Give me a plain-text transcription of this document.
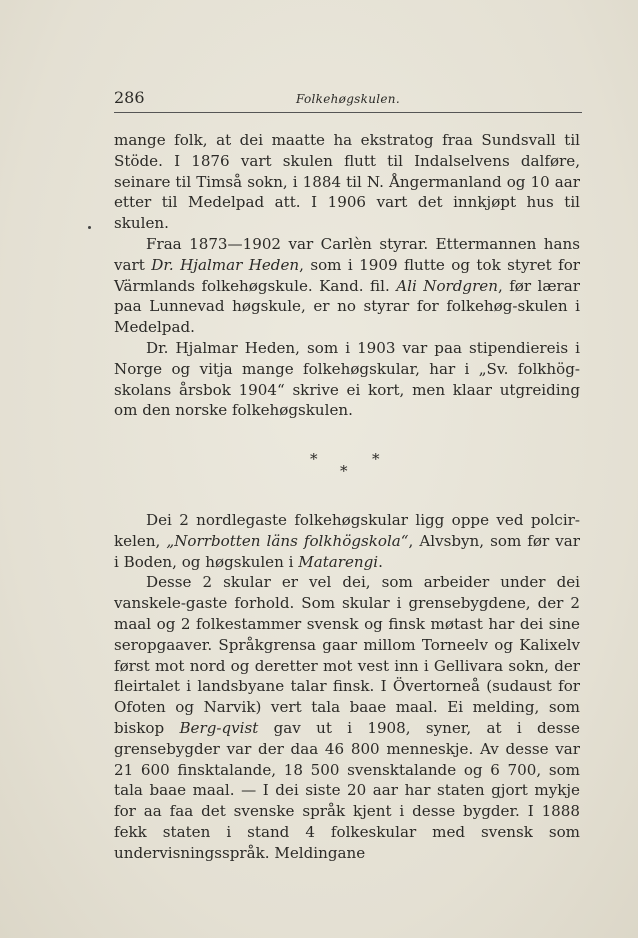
286	Folkehøgskulen.

mange folk, at dei maatte ha ekstratog fraa Sundsvall til Stöde. I 1876 vart skulen flutt til Indalselvens dalføre, seinare til Timså sokn, i 1884 til N. Ångermanland og 10 aar etter til Medelpad att. I 1906 vart det innkjøpt hus til skulen.

Fraa 1873—1902 var Carlèn styrar. Ettermannen hans vart Dr. Hjalmar Heden, som i 1909 flutte og tok styret for Värmlands folkehøgskule. Kand. fil. Ali Nordgren, før lærar paa Lunnevad høgskule, er no styrar for folkehøg-skulen i Medelpad.

Dr. Hjalmar Heden, som i 1903 var paa stipendiereis i Norge og vitja mange folkehøgskular, har i „Sv. folkhög-skolans årsbok 1904“ skrive ei kort, men klaar utgreiding om den norske folkehøgskulen.

*
*
*

Dei 2 nordlegaste folkehøgskular ligg oppe ved polcir-kelen, „Norrbotten läns folkhögskola“, Alvsbyn, som før var i Boden, og høgskulen i Matarengi.

Desse 2 skular er vel dei, som arbeider under dei vanskele-gaste forhold. Som skular i grensebygdene, der 2 maal og 2 folkestammer svensk og finsk møtast har dei sine seropgaaver. Språkgrensa gaar millom Torneelv og Kalixelv først mot nord og deretter mot vest inn i Gellivara sokn, der fleirtalet i landsbyane talar finsk. I Övertorneå (sudaust for Ofoten og Narvik) vert tala baae maal. Ei melding, som biskop Berg-qvist gav ut i 1908, syner, at i desse grensebygder var der daa 46 800 menneskje. Av desse var 21 600 finsktalande, 18 500 svensktalande og 6 700, som tala baae maal. — I dei siste 20 aar har staten gjort mykje for aa faa det svenske språk kjent i desse bygder. I 1888 fekk staten i stand 4 folkeskular med svensk som undervisningsspråk. Meldingane
